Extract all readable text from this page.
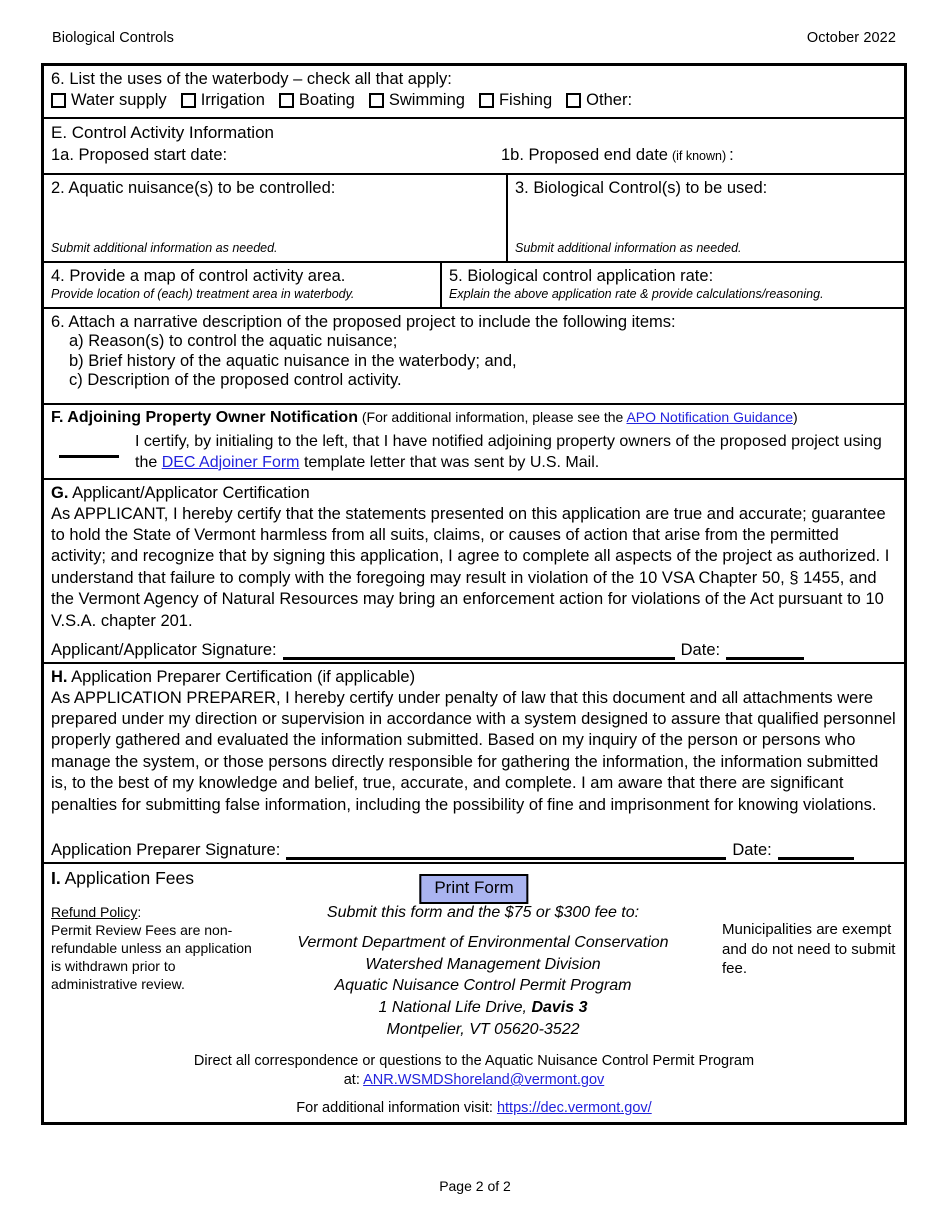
Biological Controls	October 2022
6. List the uses of the waterbody – check all that apply:
Water supply Irrigation Boating Swimming Fishing Other:
E. Control Activity Information
1a. Proposed start date:	1b. Proposed end date (if known) :
2. Aquatic nuisance(s) to be controlled:
Submit additional information as needed.
3. Biological Control(s) to be used:
Submit additional information as needed.
4. Provide a map of control activity area.
Provide location of (each) treatment area in waterbody.
5. Biological control application rate:
Explain the above application rate & provide calculations/reasoning.
6. Attach a narrative description of the proposed project to include the following items:
a) Reason(s) to control the aquatic nuisance;
b) Brief history of the aquatic nuisance in the waterbody; and,
c) Description of the proposed control activity.
F. Adjoining Property Owner Notification (For additional information, please see the APO Notification Guidance)
I certify, by initialing to the left, that I have notified adjoining property owners of the proposed project using the DEC Adjoiner Form template letter that was sent by U.S. Mail.
G. Applicant/Applicator Certification
As APPLICANT, I hereby certify that the statements presented on this application are true and accurate; guarantee to hold the State of Vermont harmless from all suits, claims, or causes of action that arise from the permitted activity; and recognize that by signing this application, I agree to complete all aspects of the project as authorized. I understand that failure to comply with the foregoing may result in violation of the 10 VSA Chapter 50, § 1455, and the Vermont Agency of Natural Resources may bring an enforcement action for violations of the Act pursuant to 10 V.S.A. chapter 201.
Applicant/Applicator Signature:	Date:
H. Application Preparer Certification (if applicable)
As APPLICATION PREPARER, I hereby certify under penalty of law that this document and all attachments were prepared under my direction or supervision in accordance with a system designed to assure that qualified personnel properly gathered and evaluated the information submitted. Based on my inquiry of the person or persons who manage the system, or those persons directly responsible for gathering the information, the information submitted is, to the best of my knowledge and belief, true, accurate, and complete. I am aware that there are significant penalties for submitting false information, including the possibility of fine and imprisonment for knowing violations.
Application Preparer Signature:	Date:
I. Application Fees	Print Form
Refund Policy:
Permit Review Fees are non-refundable unless an application is withdrawn prior to administrative review.
Submit this form and the $75 or $300 fee to:
Vermont Department of Environmental Conservation
Watershed Management Division
Aquatic Nuisance Control Permit Program
1 National Life Drive, Davis 3
Montpelier, VT 05620-3522
Municipalities are exempt and do not need to submit fee.
Direct all correspondence or questions to the Aquatic Nuisance Control Permit Program
at: ANR.WSMDShoreland@vermont.gov
For additional information visit: https://dec.vermont.gov/
Page 2 of 2
